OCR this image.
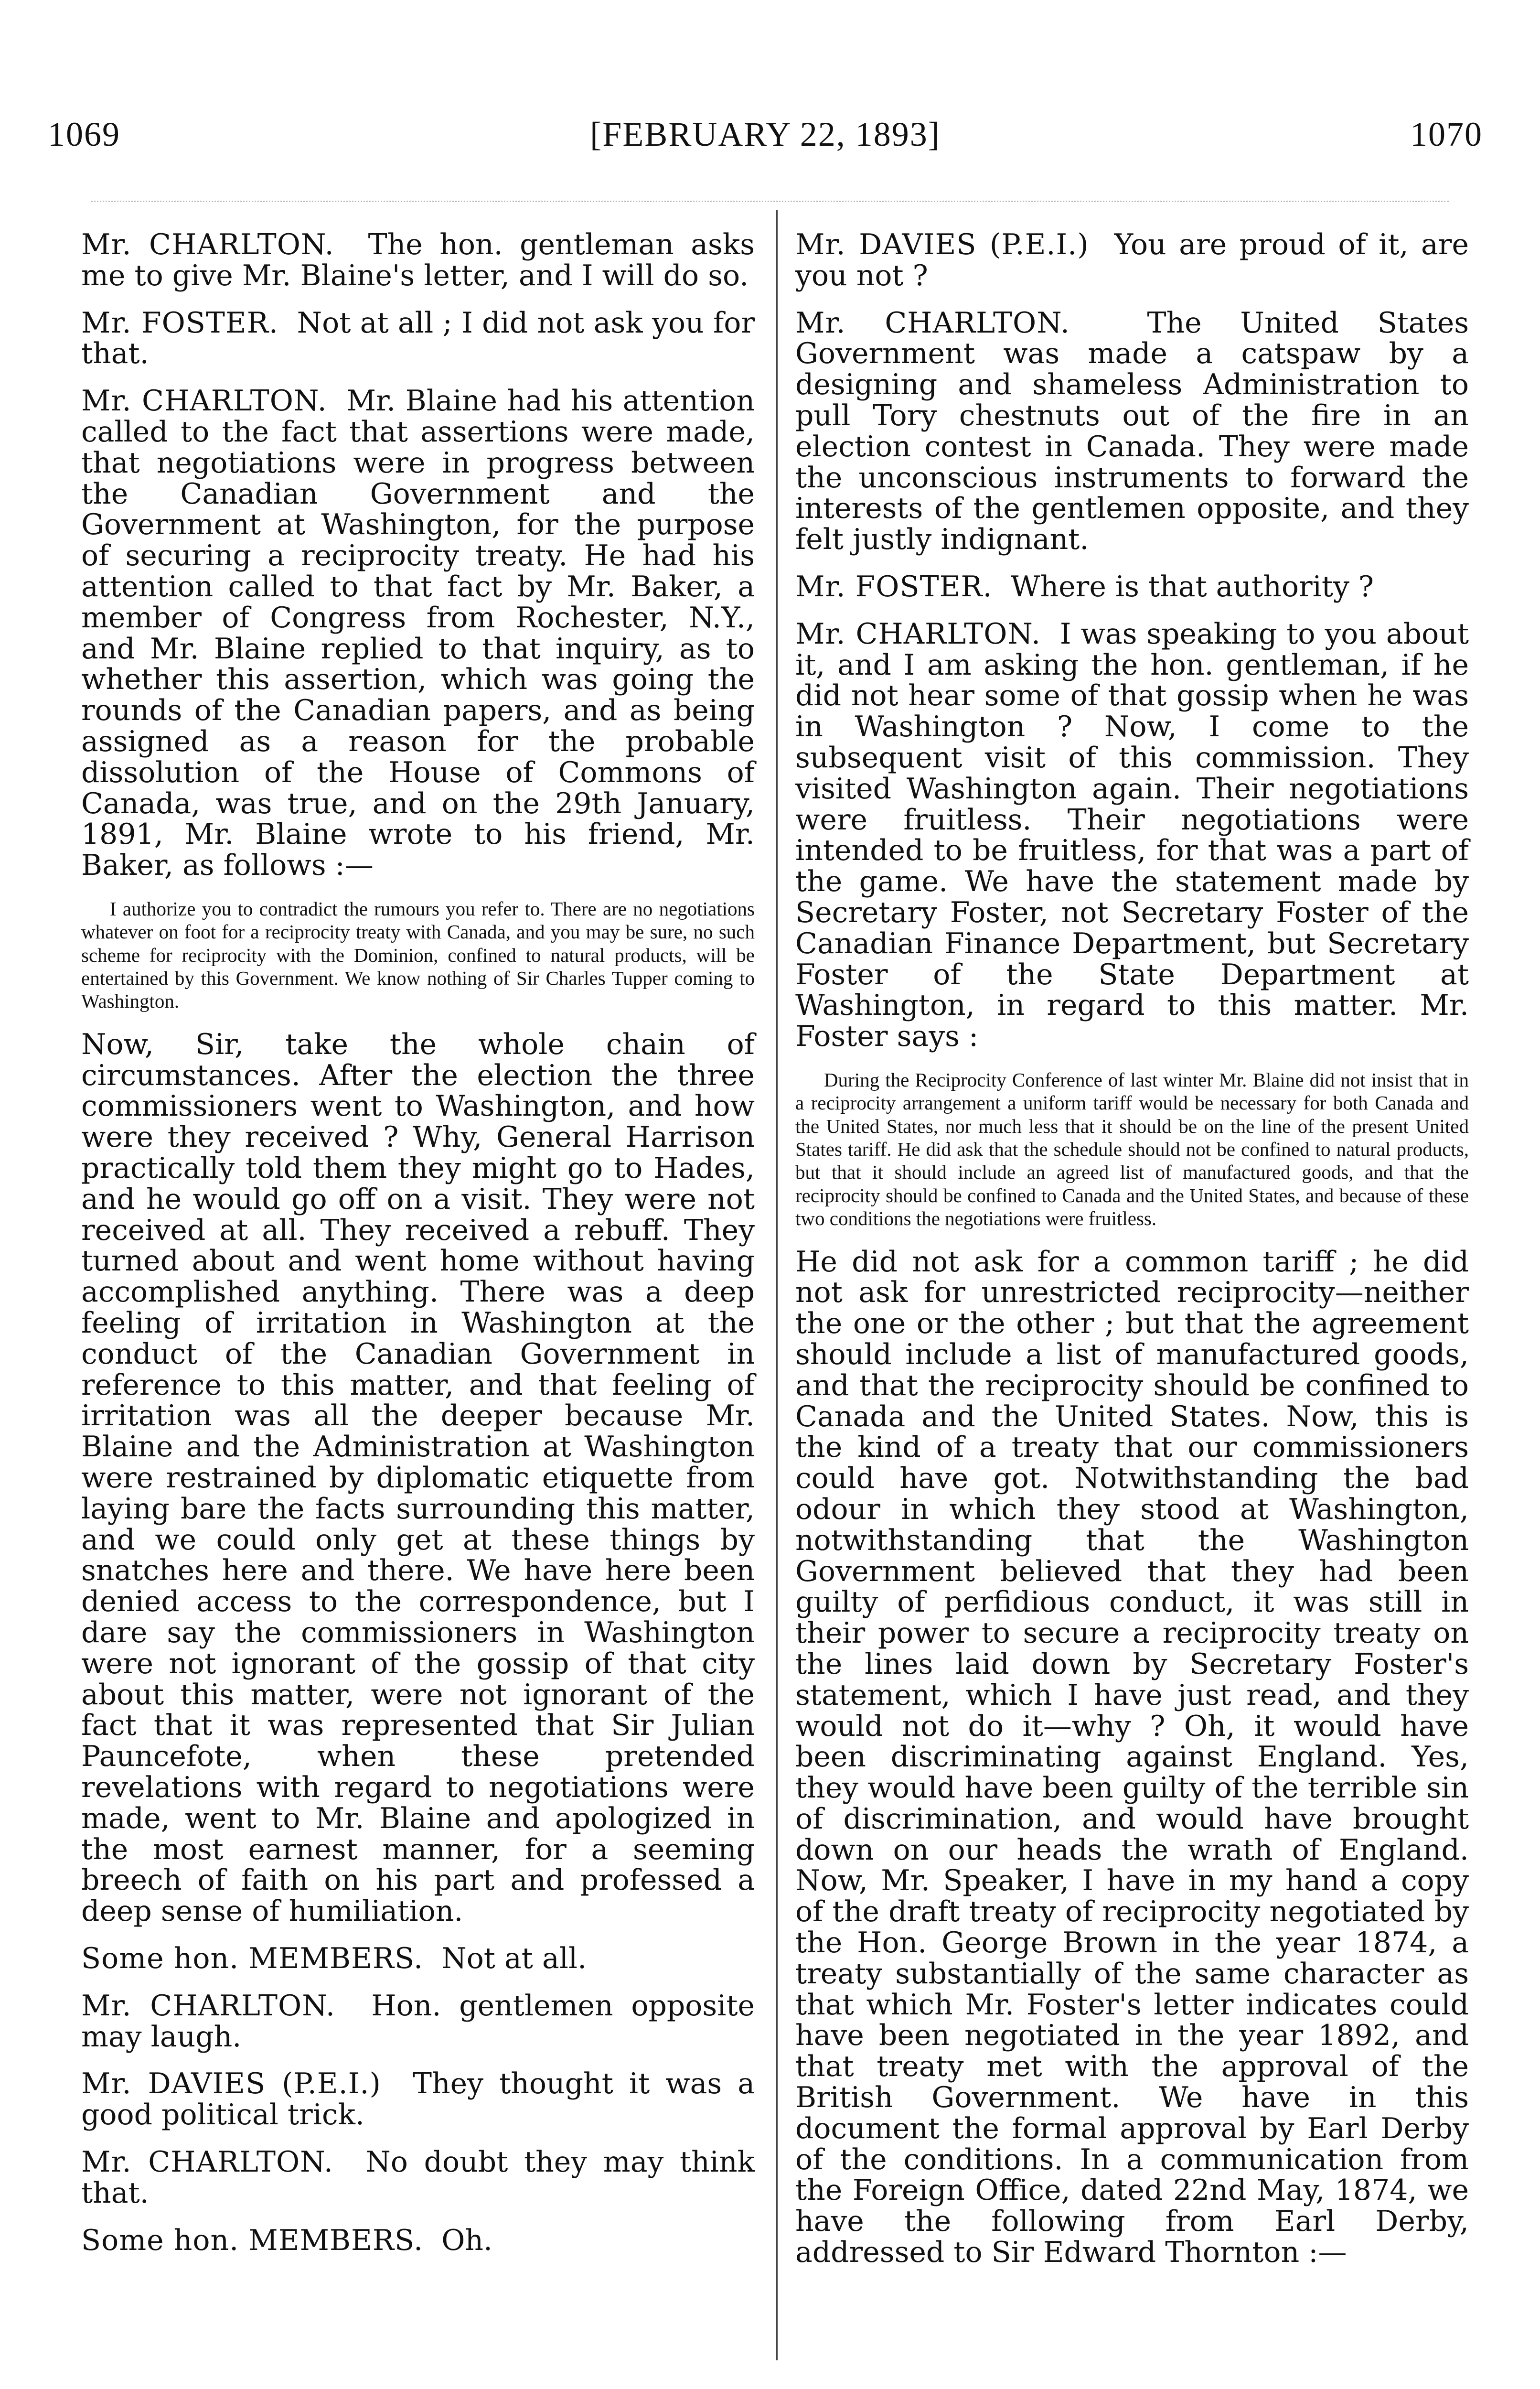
1069	[FEBRUARY 22, 1893]	1070

Mr. CHARLTON. The hon. gentleman asks me to give Mr. Blaine's letter, and I will do so.

Mr. FOSTER. Not at all ; I did not ask you for that.

Mr. CHARLTON. Mr. Blaine had his attention called to the fact that assertions were made, that negotiations were in progress between the Canadian Government and the Government at Washington, for the purpose of securing a reciprocity treaty. He had his attention called to that fact by Mr. Baker, a member of Congress from Rochester, N.Y., and Mr. Blaine replied to that inquiry, as to whether this assertion, which was going the rounds of the Canadian papers, and as being assigned as a reason for the probable dissolution of the House of Commons of Canada, was true, and on the 29th January, 1891, Mr. Blaine wrote to his friend, Mr. Baker, as follows :—

I authorize you to contradict the rumours you refer to. There are no negotiations whatever on foot for a reciprocity treaty with Canada, and you may be sure, no such scheme for reciprocity with the Dominion, confined to natural products, will be entertained by this Government. We know nothing of Sir Charles Tupper coming to Washington.

Now, Sir, take the whole chain of circumstances. After the election the three commissioners went to Washington, and how were they received ? Why, General Harrison practically told them they might go to Hades, and he would go off on a visit. They were not received at all. They received a rebuff. They turned about and went home without having accomplished anything. There was a deep feeling of irritation in Washington at the conduct of the Canadian Government in reference to this matter, and that feeling of irritation was all the deeper because Mr. Blaine and the Administration at Washington were restrained by diplomatic etiquette from laying bare the facts surrounding this matter, and we could only get at these things by snatches here and there. We have here been denied access to the correspondence, but I dare say the commissioners in Washington were not ignorant of the gossip of that city about this matter, were not ignorant of the fact that it was represented that Sir Julian Pauncefote, when these pretended revelations with regard to negotiations were made, went to Mr. Blaine and apologized in the most earnest manner, for a seeming breech of faith on his part and professed a deep sense of humiliation.

Some hon. MEMBERS. Not at all.

Mr. CHARLTON. Hon. gentlemen opposite may laugh.

Mr. DAVIES (P.E.I.) They thought it was a good political trick.

Mr. CHARLTON. No doubt they may think that.

Some hon. MEMBERS. Oh.

Mr. DAVIES (P.E.I.) You are proud of it, are you not ?

Mr. CHARLTON.	The United States Government was made a catspaw by a designing and shameless Administration to pull Tory chestnuts out of the fire in an election contest in Canada. They were made the unconscious instruments to forward the interests of the gentlemen opposite, and they felt justly indignant.

Mr. FOSTER. Where is that authority ?

Mr. CHARLTON. I was speaking to you about it, and I am asking the hon. gentleman, if he did not hear some of that gossip when he was in Washington ? Now, I come to the subsequent visit of this commission. They visited Washington again. Their negotiations were fruitless. Their negotiations were intended to be fruitless, for that was a part of the game. We have the statement made by Secretary Foster, not Secretary Foster of the Canadian Finance Department, but Secretary Foster of the State Department at Washington, in regard to this matter. Mr. Foster says :

During the Reciprocity Conference of last winter Mr. Blaine did not insist that in a reciprocity arrangement a uniform tariff would be necessary for both Canada and the United States, nor much less that it should be on the line of the present United States tariff. He did ask that the schedule should not be confined to natural products, but that it should include an agreed list of manufactured goods, and that the reciprocity should be confined to Canada and the United States, and because of these two conditions the negotiations were fruitless.

He did not ask for a common tariff ; he did not ask for unrestricted reciprocity—neither the one or the other ; but that the agreement should include a list of manufactured goods, and that the reciprocity should be confined to Canada and the United States. Now, this is the kind of a treaty that our commissioners could have got. Notwithstanding the bad odour in which they stood at Washington, notwithstanding that the Washington Government believed that they had been guilty of perfidious conduct, it was still in their power to secure a reciprocity treaty on the lines laid down by Secretary Foster's statement, which I have just read, and they would not do it—why ? Oh, it would have been discriminating against England. Yes, they would have been guilty of the terrible sin of discrimination, and would have brought down on our heads the wrath of England. Now, Mr. Speaker, I have in my hand a copy of the draft treaty of reciprocity negotiated by the Hon. George Brown in the year 1874, a treaty substantially of the same character as that which Mr. Foster's letter indicates could have been negotiated in the year 1892, and that treaty met with the approval of the British Government. We have in this document the formal approval by Earl Derby of the conditions. In a communication from the Foreign Office, dated 22nd May, 1874, we have the following from Earl Derby, addressed to Sir Edward Thornton :—
